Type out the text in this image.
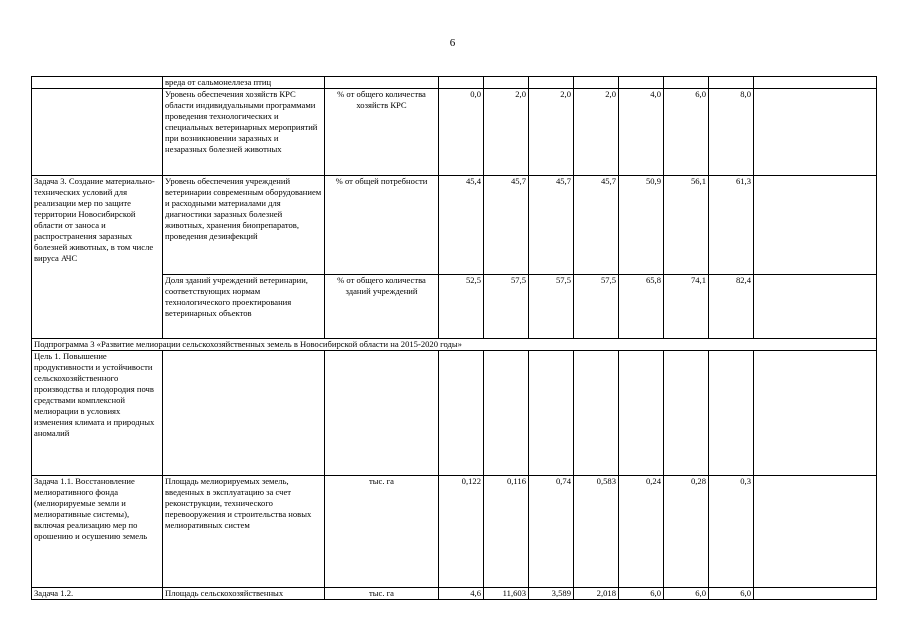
6
	вреда от сальмонеллеза птиц									
	Уровень обеспечения хозяйств КРС области индивидуальными программами проведения технологических и специальных ветеринарных мероприятий при возникновении заразных и незаразных болезней животных	% от общего количества хозяйств КРС	0,0	2,0	2,0	2,0	4,0	6,0	8,0	
Задача 3. Создание материально-технических условий для реализации мер по защите территории Новосибирской области от заноса и распространения заразных болезней животных, в том числе вируса АЧС	Уровень обеспечения учреждений ветеринарии современным оборудованием и расходными материалами для диагностики заразных болезней животных, хранения биопрепаратов, проведения дезинфекций	% от общей потребности	45,4	45,7	45,7	45,7	50,9	56,1	61,3	
	Доля зданий учреждений ветеринарии, соответствующих нормам технологического проектирования ветеринарных объектов	% от общего количества зданий учреждений	52,5	57,5	57,5	57,5	65,8	74,1	82,4	
Подпрограмма 3 «Развитие мелиорации сельскохозяйственных земель в Новосибирской области на 2015-2020 годы»										
Цель 1. Повышение продуктивности и устойчивости сельскохозяйственного производства и плодородия почв средствами комплексной мелиорации в условиях изменения климата и природных аномалий										
Задача 1.1. Восстановление мелиоративного фонда (мелиорируемые земли и мелиоративные системы), включая реализацию мер по орошению и осушению земель	Площадь мелиорируемых земель, введенных в эксплуатацию за счет реконструкции, технического перевооружения и строительства новых мелиоративных систем	тыс. га	0,122	0,116	0,74	0,583	0,24	0,28	0,3	
Задача 1.2.	Площадь сельскохозяйственных	тыс. га	4,6	11,603	3,589	2,018	6,0	6,0	6,0	
